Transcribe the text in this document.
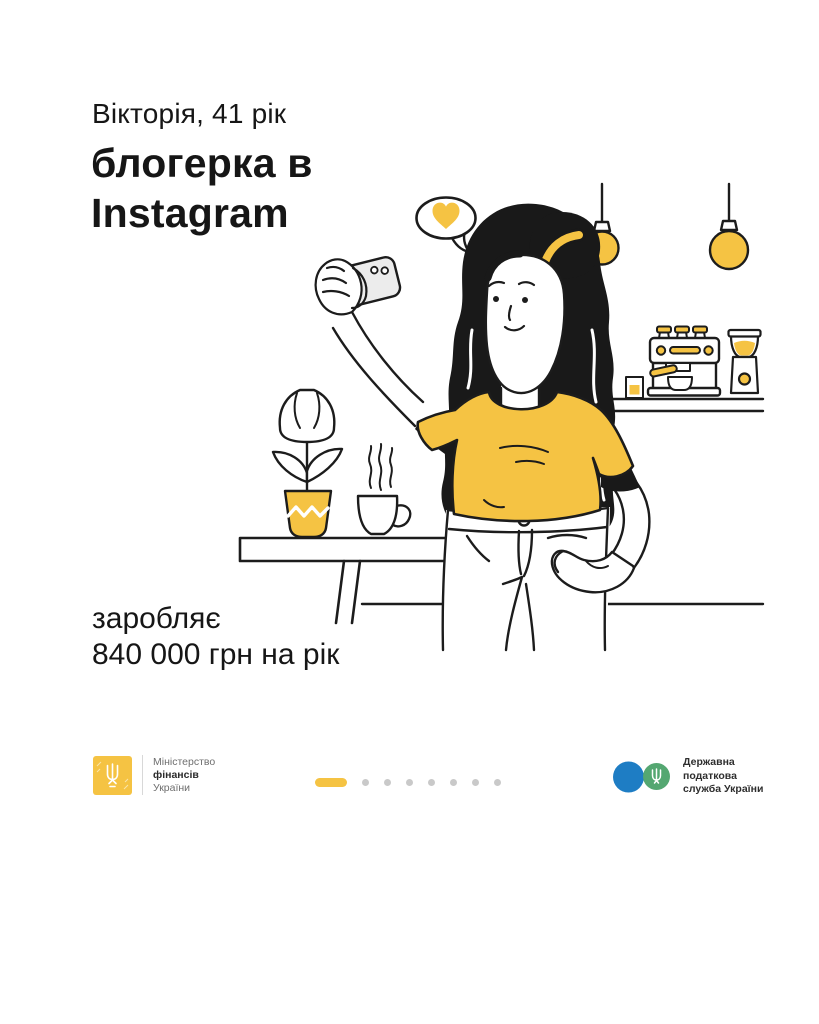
Вікторія, 41 рік
блогерка в
Instagram
заробляє
840 000 грн на рік
Міністерство
фінансів
України
Державна
податкова
служба України
